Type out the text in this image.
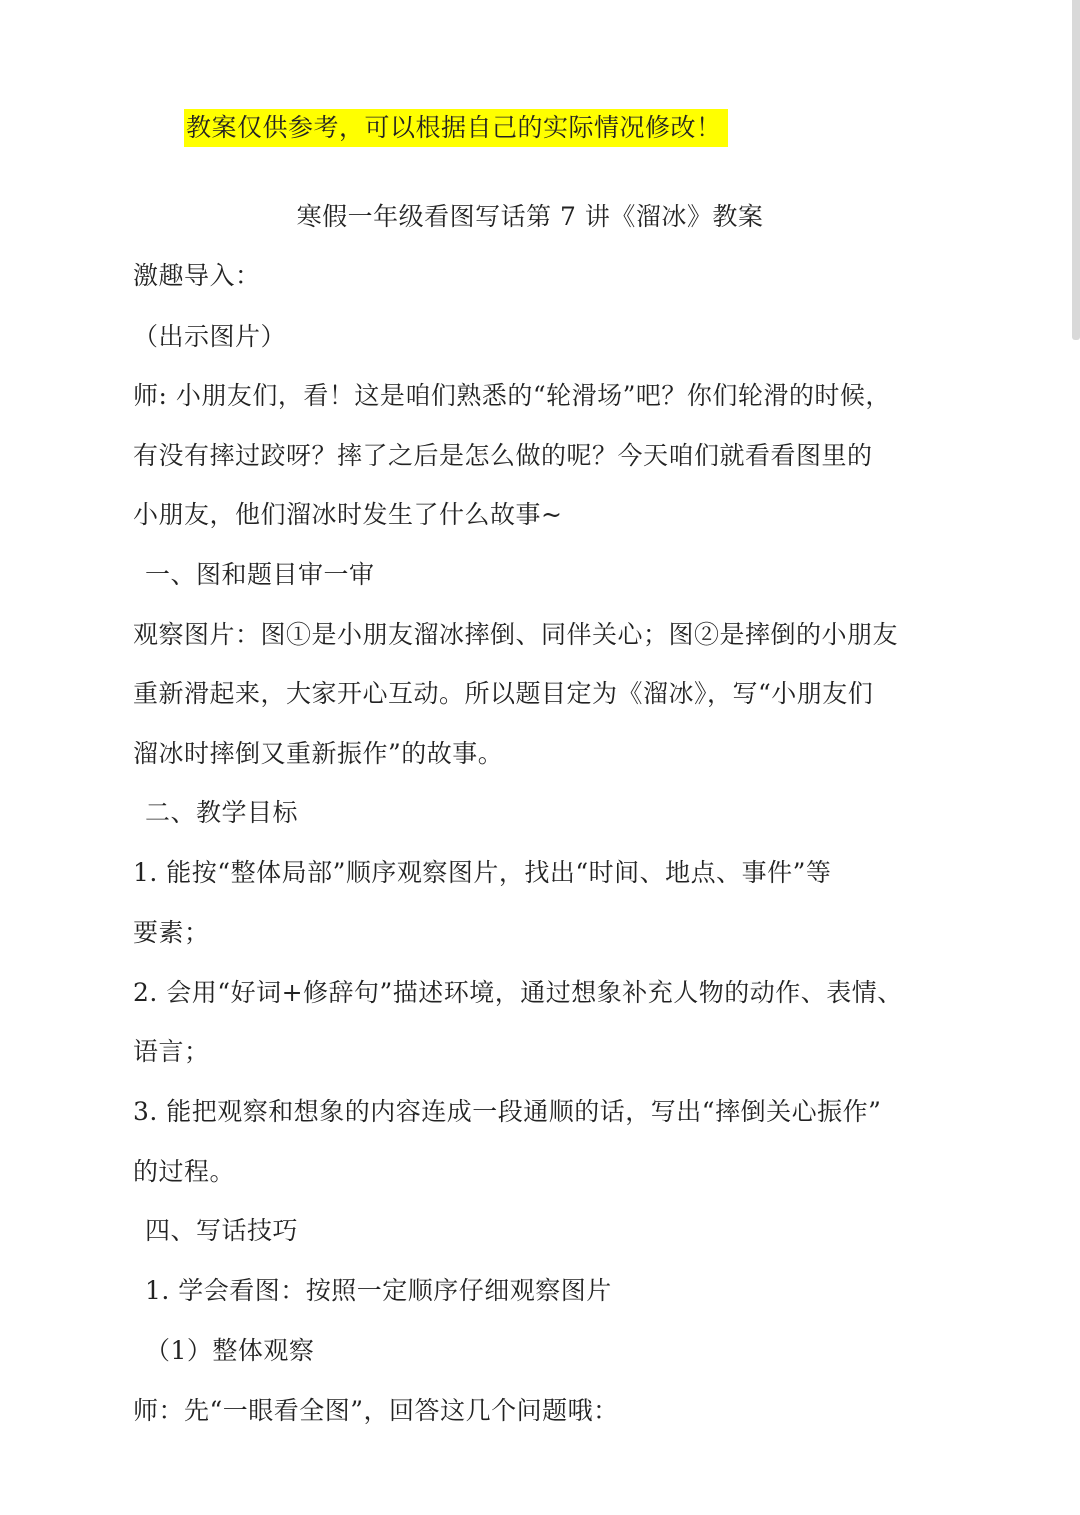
教案仅供参考，可以根据自己的实际情况修改！
寒假一年级看图写话第 7 讲《溜冰》教案
激趣导入：
（出示图片）
师: 小朋友们，看！这是咱们熟悉的“轮滑场”吧？你们轮滑的时候，
有没有摔过跤呀？摔了之后是怎么做的呢？今天咱们就看看图里的
小朋友，他们溜冰时发生了什么故事~
一、图和题目审一审
观察图片：图①是小朋友溜冰摔倒、同伴关心；图②是摔倒的小朋友
重新滑起来，大家开心互动。所以题目定为《溜冰》，写“小朋友们
溜冰时摔倒又重新振作”的故事。
二、教学目标
1. 能按“整体局部”顺序观察图片，找出“时间、地点、事件”等
要素；
2. 会用“好词+修辞句”描述环境，通过想象补充人物的动作、表情、
语言；
3. 能把观察和想象的内容连成一段通顺的话，写出“摔倒关心振作”
的过程。
四、写话技巧
1. 学会看图：按照一定顺序仔细观察图片
（1）整体观察
师：先“一眼看全图”，回答这几个问题哦：
